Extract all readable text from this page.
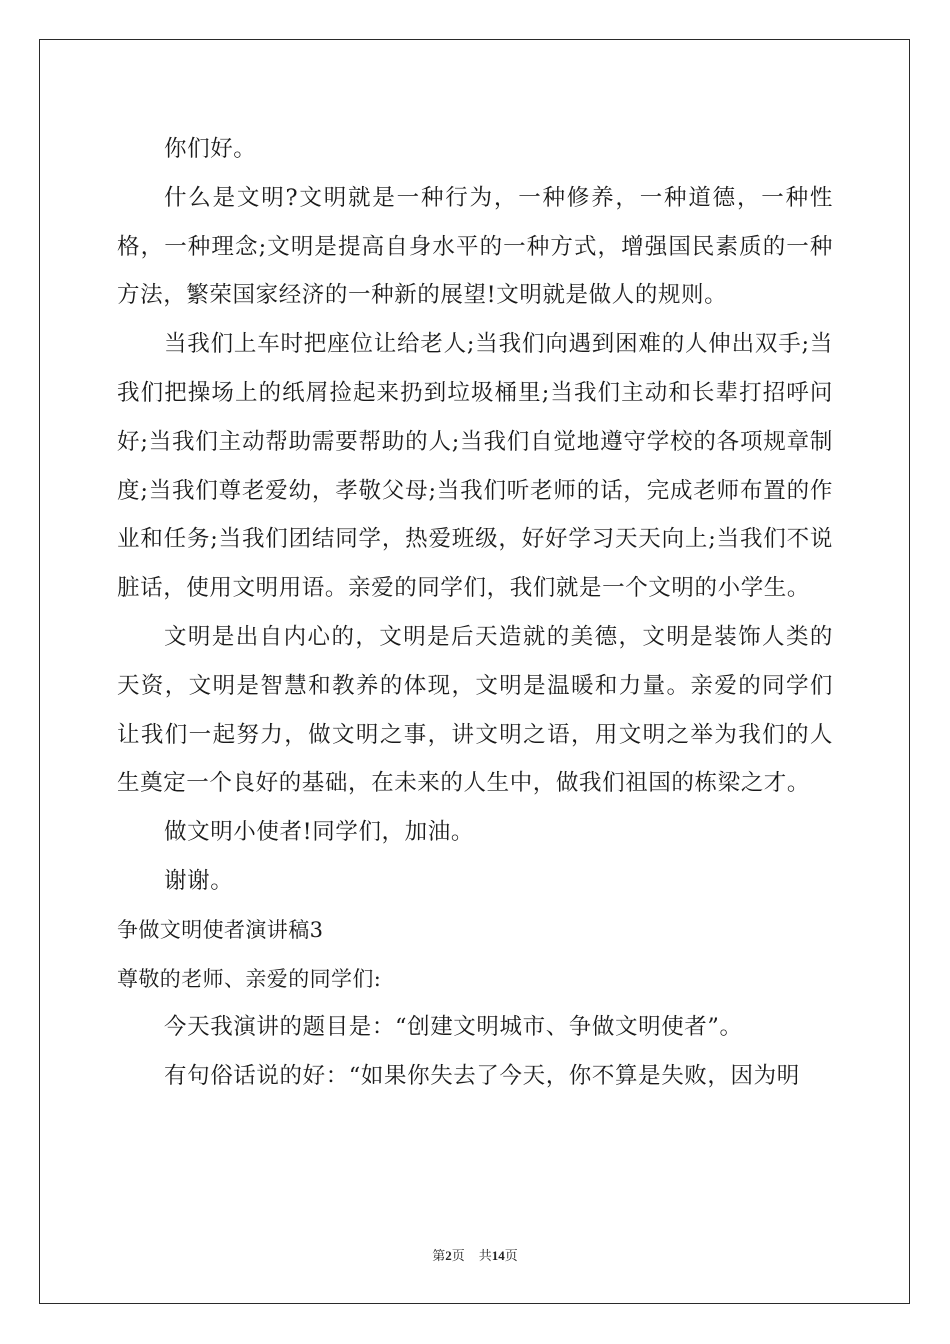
你们好。

什么是文明?文明就是一种行为，一种修养，一种道德，一种性格，一种理念;文明是提高自身水平的一种方式，增强国民素质的一种方法，繁荣国家经济的一种新的展望!文明就是做人的规则。

当我们上车时把座位让给老人;当我们向遇到困难的人伸出双手;当我们把操场上的纸屑捡起来扔到垃圾桶里;当我们主动和长辈打招呼问好;当我们主动帮助需要帮助的人;当我们自觉地遵守学校的各项规章制度;当我们尊老爱幼，孝敬父母;当我们听老师的话，完成老师布置的作业和任务;当我们团结同学，热爱班级，好好学习天天向上;当我们不说脏话，使用文明用语。亲爱的同学们，我们就是一个文明的小学生。

文明是出自内心的，文明是后天造就的美德，文明是装饰人类的天资，文明是智慧和教养的体现，文明是温暖和力量。亲爱的同学们让我们一起努力，做文明之事，讲文明之语，用文明之举为我们的人生奠定一个良好的基础，在未来的人生中，做我们祖国的栋梁之才。

做文明小使者!同学们，加油。

谢谢。

争做文明使者演讲稿3

尊敬的老师、亲爱的同学们:

今天我演讲的题目是：“创建文明城市、争做文明使者”。

有句俗话说的好：“如果你失去了今天，你不算是失败，因为明

第2页 共14页
